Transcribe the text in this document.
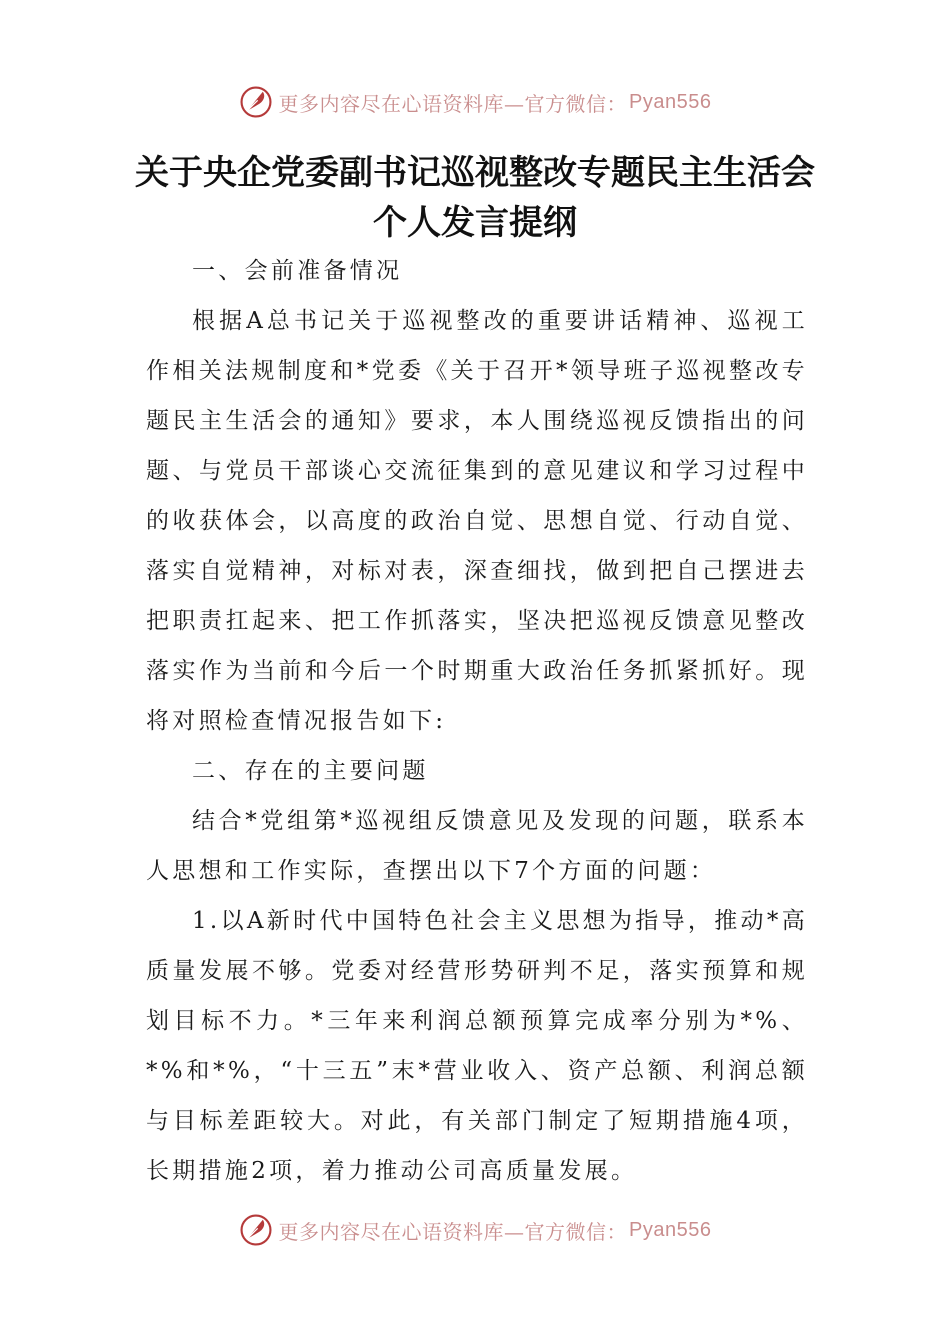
更多内容尽在心语资料库—官方微信： Pyan556
关于央企党委副书记巡视整改专题民主生活会个人发言提纲

一、会前准备情况

根据A总书记关于巡视整改的重要讲话精神、巡视工作相关法规制度和*党委《关于召开*领导班子巡视整改专题民主生活会的通知》要求，本人围绕巡视反馈指出的问题、与党员干部谈心交流征集到的意见建议和学习过程中的收获体会，以高度的政治自觉、思想自觉、行动自觉、落实自觉精神，对标对表，深查细找，做到把自己摆进去把职责扛起来、把工作抓落实，坚决把巡视反馈意见整改落实作为当前和今后一个时期重大政治任务抓紧抓好。现将对照检查情况报告如下:

二、存在的主要问题

结合*党组第*巡视组反馈意见及发现的问题，联系本人思想和工作实际，查摆出以下7个方面的问题：

1.以A新时代中国特色社会主义思想为指导，推动*高质量发展不够。党委对经营形势研判不足，落实预算和规划目标不力。*三年来利润总额预算完成率分别为*%、*%和*%，“十三五”末*营业收入、资产总额、利润总额与目标差距较大。对此，有关部门制定了短期措施4项，长期措施2项，着力推动公司高质量发展。

更多内容尽在心语资料库—官方微信： Pyan556
